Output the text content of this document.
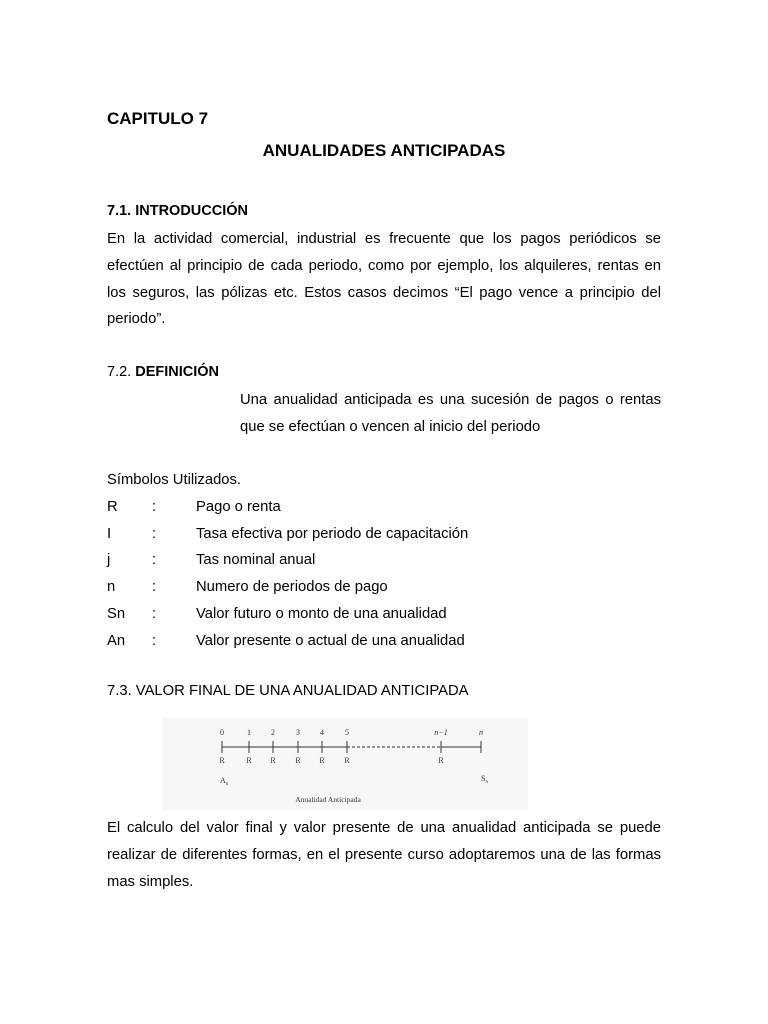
CAPITULO 7
ANUALIDADES ANTICIPADAS
7.1. INTRODUCCIÓN
En la actividad comercial, industrial es frecuente que los pagos periódicos se efectúen al principio de cada periodo, como por ejemplo, los alquileres, rentas en los seguros, las pólizas etc. Estos casos decimos “El pago vence a principio del periodo”.
7.2. DEFINICIÓN
Una anualidad anticipada es una sucesión de pagos o rentas que se efectúan o vencen al inicio del periodo
Símbolos Utilizados.
R	:	Pago o renta
I	:	Tasa efectiva por periodo de capacitación
j	:	Tas nominal anual
n	:	Numero de periodos de pago
Sn	:	Valor futuro o monto de una anualidad
An	:	Valor presente o actual de una anualidad
7.3. VALOR FINAL DE UNA ANUALIDAD ANTICIPADA
0	1	2	3	4	5	n−1	n
R	R R R R R	R
$A_n$
$S_n$
Anualidad Anticipada
El calculo del valor final y valor presente de una anualidad anticipada se puede realizar de diferentes formas, en el presente curso adoptaremos una de las formas mas simples.
